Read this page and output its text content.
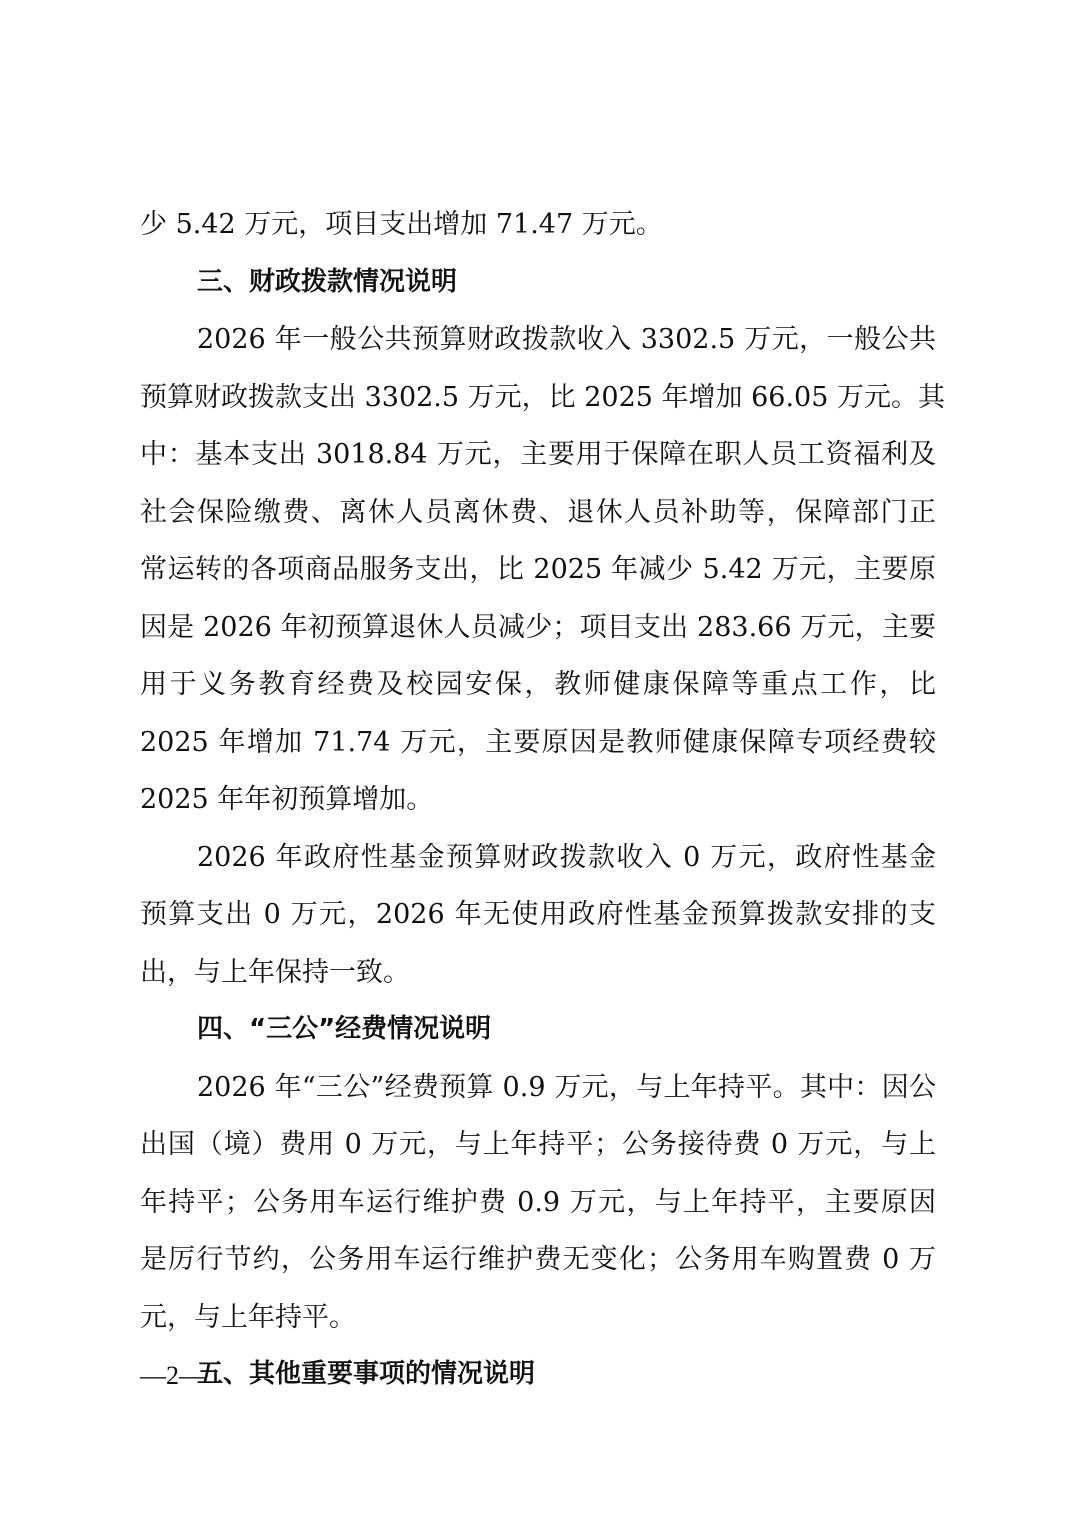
少 5.42 万元，项目支出增加 71.47 万元。
三、财政拨款情况说明
2026 年一般公共预算财政拨款收入 3302.5 万元，一般公共
预算财政拨款支出 3302.5 万元，比 2025 年增加 66.05 万元。其
中：基本支出 3018.84 万元，主要用于保障在职人员工资福利及
社会保险缴费、离休人员离休费、退休人员补助等，保障部门正
常运转的各项商品服务支出，比 2025 年减少 5.42 万元，主要原
因是 2026 年初预算退休人员减少；项目支出 283.66 万元，主要
用于义务教育经费及校园安保，教师健康保障等重点工作，比
2025 年增加 71.74 万元，主要原因是教师健康保障专项经费较
2025 年年初预算增加。
2026 年政府性基金预算财政拨款收入 0 万元，政府性基金
预算支出 0 万元，2026 年无使用政府性基金预算拨款安排的支
出，与上年保持一致。
四、“三公”经费情况说明
2026 年“三公”经费预算 0.9 万元，与上年持平。其中：因公
出国（境）费用 0 万元，与上年持平；公务接待费 0 万元，与上
年持平；公务用车运行维护费 0.9 万元，与上年持平，主要原因
是厉行节约，公务用车运行维护费无变化；公务用车购置费 0 万
元，与上年持平。
五、其他重要事项的情况说明
—2—
